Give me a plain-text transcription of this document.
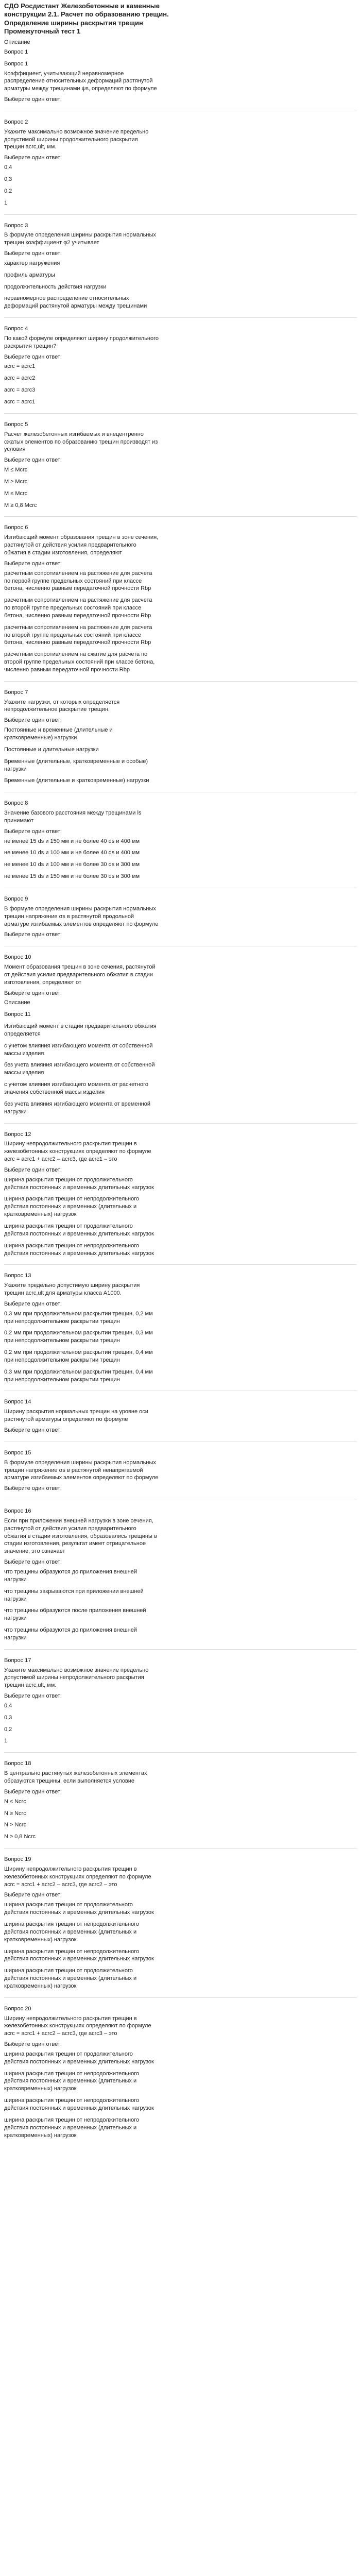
СДО Росдистант Железобетонные и каменные конструкции 2.1. Расчет по образованию трещин. Определение ширины раскрытия трещин Промежуточный тест 1
Описание
Вопрос 1
Вопрос 1
Коэффициент, учитывающий неравномерное распределение относительных деформаций растянутой арматуры между трещинами ψs, определяют по формуле
Выберите один ответ:
Вопрос 2
Укажите максимально возможное значение предельно допустимой ширины продолжительного раскрытия трещин acrc,ult, мм.
Выберите один ответ:
0,4
0,3
0,2
1
Вопрос 3
В формуле определения ширины раскрытия нормальных трещин коэффициент φ2 учитывает
Выберите один ответ:
характер нагружения
профиль арматуры
продолжительность действия нагрузки
неравномерное распределение относительных деформаций растянутой арматуры между трещинами
Вопрос 4
По какой формуле определяют ширину продолжительного раскрытия трещин?
Выберите один ответ:
acrc = acrc1
acrc = acrc2
acrc = acrc3
acrc = acrc1
Вопрос 5
Расчет железобетонных изгибаемых и внецентренно сжатых элементов по образованию трещин производят из условия
Выберите один ответ:
M ≤ Mcrc
M ≥ Mcrc
M ≤ Mcrc
M ≥ 0,8 Mcrc
Вопрос 6
Изгибающий момент образования трещин в зоне сечения, растянутой от действия усилия предварительного обжатия в стадии изготовления, определяют
Выберите один ответ:
расчетным сопротивлением на растяжение для расчета по первой группе предельных состояний при классе бетона, численно равным передаточной прочности Rbp
расчетным сопротивлением на растяжение для расчета по второй группе предельных состояний при классе бетона, численно равным передаточной прочности Rbp
расчетным сопротивлением на растяжение для расчета по второй группе предельных состояний при классе бетона, численно равным передаточной прочности Rbp
расчетным сопротивлением на сжатие для расчета по второй группе предельных состояний при классе бетона, численно равным передаточной прочности Rbp
Вопрос 7
Укажите нагрузки, от которых определяется непродолжительное раскрытие трещин.
Выберите один ответ:
Постоянные и временные (длительные и кратковременные) нагрузки
Постоянные и длительные нагрузки
Временные (длительные, кратковременные и особые) нагрузки
Временные (длительные и кратковременные) нагрузки
Вопрос 8
Значение базового расстояния между трещинами ls принимают
Выберите один ответ:
не менее 15 ds и 150 мм и не более 40 ds и 400 мм
не менее 10 ds и 100 мм и не более 40 ds и 400 мм
не менее 10 ds и 100 мм и не более 30 ds и 300 мм
не менее 15 ds и 150 мм и не более 30 ds и 300 мм
Вопрос 9
В формуле определения ширины раскрытия нормальных трещин напряжение σs в растянутой продольной арматуре изгибаемых элементов определяют по формуле
Выберите один ответ:
Вопрос 10
Момент образования трещин в зоне сечения, растянутой от действия усилия предварительного обжатия в стадии изготовления, определяют от
Выберите один ответ:
Описание
Вопрос 11
Изгибающий момент в стадии предварительного обжатия определяется
с учетом влияния изгибающего момента от собственной массы изделия
без учета влияния изгибающего момента от собственной массы изделия
с учетом влияния изгибающего момента от расчетного значения собственной массы изделия
без учета влияния изгибающего момента от временной нагрузки
Вопрос 12
Ширину непродолжительного раскрытия трещин в железобетонных конструкциях определяют по формуле acrc = acrc1 + acrc2 – acrc3, где acrc1 – это
Выберите один ответ:
ширина раскрытия трещин от продолжительного действия постоянных и временных длительных нагрузок
ширина раскрытия трещин от непродолжительного действия постоянных и временных (длительных и кратковременных) нагрузок
ширина раскрытия трещин от продолжительного действия постоянных и временных длительных нагрузок
ширина раскрытия трещин от непродолжительного действия постоянных и временных длительных нагрузок
Вопрос 13
Укажите предельно допустимую ширину раскрытия трещин acrc,ult для арматуры класса A1000.
Выберите один ответ:
0,3 мм при продолжительном раскрытии трещин, 0,2 мм при непродолжительном раскрытии трещин
0,2 мм при продолжительном раскрытии трещин, 0,3 мм при непродолжительном раскрытии трещин
0,2 мм при продолжительном раскрытии трещин, 0,4 мм при непродолжительном раскрытии трещин
0,3 мм при продолжительном раскрытии трещин, 0,4 мм при непродолжительном раскрытии трещин
Вопрос 14
Ширину раскрытия нормальных трещин на уровне оси растянутой арматуры определяют по формуле
Выберите один ответ:
Вопрос 15
В формуле определения ширины раскрытия нормальных трещин напряжение σs в растянутой ненапрягаемой арматуре изгибаемых элементов определяют по формуле
Выберите один ответ:
Вопрос 16
Если при приложении внешней нагрузки в зоне сечения, растянутой от действия усилия предварительного обжатия в стадии изготовления, образовались трещины в стадии изготовления, результат имеет отрицательное значение, это означает
Выберите один ответ:
что трещины образуются до приложения внешней нагрузки
что трещины закрываются при приложении внешней нагрузки
что трещины образуются после приложения внешней нагрузки
что трещины образуются до приложения внешней нагрузки
Вопрос 17
Укажите максимально возможное значение предельно допустимой ширины непродолжительного раскрытия трещин acrc,ult, мм.
Выберите один ответ:
0,4
0,3
0,2
1
Вопрос 18
В центрально растянутых железобетонных элементах образуются трещины, если выполняется условие
Выберите один ответ:
N ≤ Ncrc
N ≥ Ncrc
N > Ncrc
N ≥ 0,8 Ncrc
Вопрос 19
Ширину непродолжительного раскрытия трещин в железобетонных конструкциях определяют по формуле acrc = acrc1 + acrc2 – acrc3, где acrc2 – это
Выберите один ответ:
ширина раскрытия трещин от продолжительного действия постоянных и временных длительных нагрузок
ширина раскрытия трещин от непродолжительного действия постоянных и временных (длительных и кратковременных) нагрузок
ширина раскрытия трещин от непродолжительного действия постоянных и временных длительных нагрузок
ширина раскрытия трещин от продолжительного действия постоянных и временных (длительных и кратковременных) нагрузок
Вопрос 20
Ширину непродолжительного раскрытия трещин в железобетонных конструкциях определяют по формуле acrc = acrc1 + acrc2 – acrc3, где acrc3 – это
Выберите один ответ:
ширина раскрытия трещин от продолжительного действия постоянных и временных длительных нагрузок
ширина раскрытия трещин от непродолжительного действия постоянных и временных (длительных и кратковременных) нагрузок
ширина раскрытия трещин от непродолжительного действия постоянных и временных длительных нагрузок
ширина раскрытия трещин от непродолжительного действия постоянных и временных (длительных и кратковременных) нагрузок
